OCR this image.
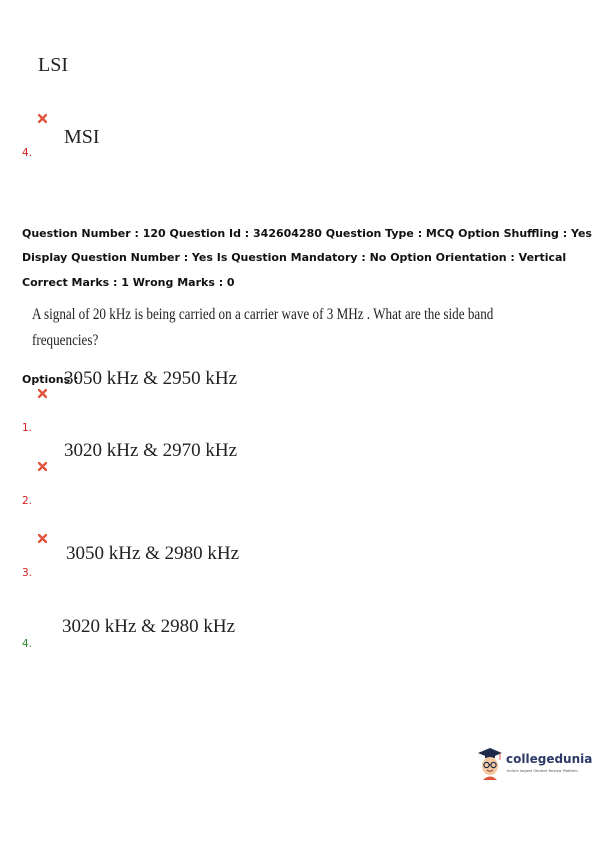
LSI
MSI
4.
Question Number : 120 Question Id : 342604280 Question Type : MCQ Option Shuffling : Yes
Display Question Number : Yes Is Question Mandatory : No Option Orientation : Vertical
Correct Marks : 1 Wrong Marks : 0
A signal of 20 kHz is being carried on a carrier wave of 3 MHz . What are the side band
frequencies?
Options :
3050 kHz & 2950 kHz
1.
3020 kHz & 2970 kHz
2.
3050 kHz & 2980 kHz
3.
3020 kHz & 2980 kHz
4.
collegedunia
India's largest Student Review Platform
